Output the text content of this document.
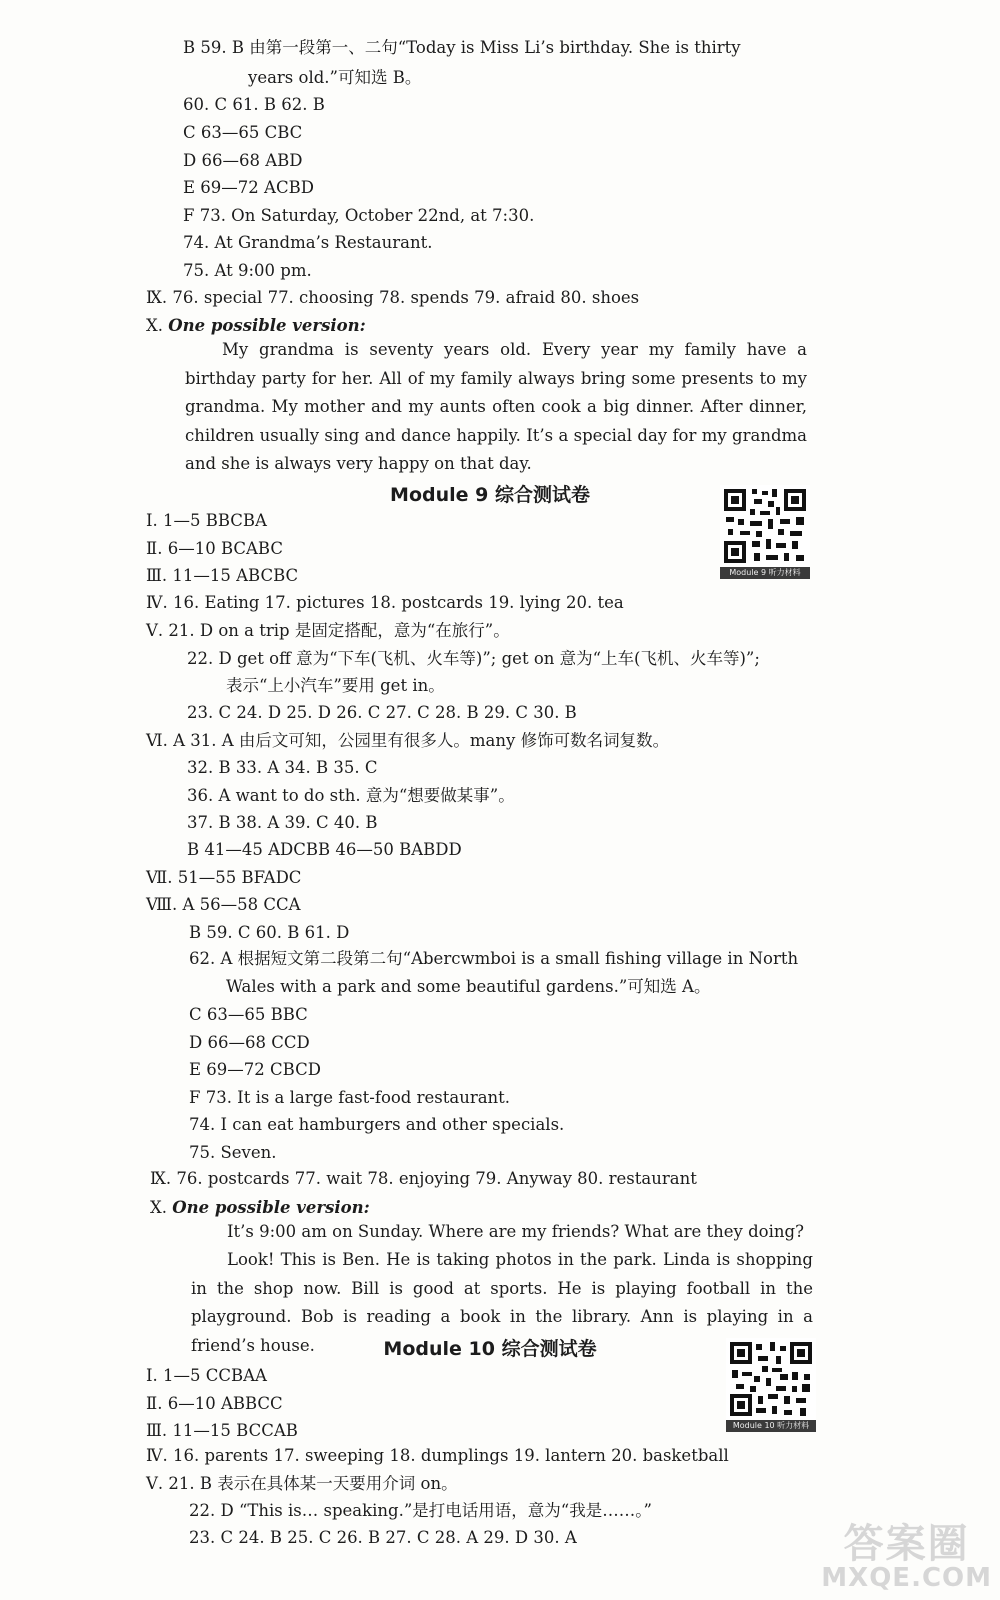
B 59. B 由第一段第一、二句“Today is Miss Li’s birthday. She is thirty
years old.”可知选 B。
60. C 61. B 62. B
C 63—65 CBC
D 66—68 ABD
E 69—72 ACBD
F 73. On Saturday, October 22nd, at 7:30.
74. At Grandma’s Restaurant.
75. At 9:00 pm.
Ⅸ. 76. special 77. choosing 78. spends 79. afraid 80. shoes
Ⅹ. One possible version:
My grandma is seventy years old. Every year my family have a birthday party for her. All of my family always bring some presents to my grandma. My mother and my aunts often cook a big dinner. After dinner, children usually sing and dance happily. It’s a special day for my grandma and she is always very happy on that day.
Module 9 综合测试卷
Module 9 听力材料
Ⅰ. 1—5 BBCBA
Ⅱ. 6—10 BCABC
Ⅲ. 11—15 ABCBC
Ⅳ. 16. Eating 17. pictures 18. postcards 19. lying 20. tea
Ⅴ. 21. D on a trip 是固定搭配，意为“在旅行”。
22. D get off 意为“下车(飞机、火车等)”; get on 意为“上车(飞机、火车等)”;
表示“上小汽车”要用 get in。
23. C 24. D 25. D 26. C 27. C 28. B 29. C 30. B
Ⅵ. A 31. A 由后文可知，公园里有很多人。many 修饰可数名词复数。
32. B 33. A 34. B 35. C
36. A want to do sth. 意为“想要做某事”。
37. B 38. A 39. C 40. B
B 41—45 ADCBB 46—50 BABDD
Ⅶ. 51—55 BFADC
Ⅷ. A 56—58 CCA
B 59. C 60. B 61. D
62. A 根据短文第二段第二句“Abercwmboi is a small fishing village in North
Wales with a park and some beautiful gardens.”可知选 A。
C 63—65 BBC
D 66—68 CCD
E 69—72 CBCD
F 73. It is a large fast-food restaurant.
74. I can eat hamburgers and other specials.
75. Seven.
Ⅸ. 76. postcards 77. wait 78. enjoying 79. Anyway 80. restaurant
Ⅹ. One possible version:
It’s 9:00 am on Sunday. Where are my friends? What are they doing?
Look! This is Ben. He is taking photos in the park. Linda is shopping in the shop now. Bill is good at sports. He is playing football in the playground. Bob is reading a book in the library. Ann is playing in a friend’s house.	Module 10 综合测试卷
Module 10 听力材料
Ⅰ. 1—5 CCBAA
Ⅱ. 6—10 ABBCC
Ⅲ. 11—15 BCCAB
Ⅳ. 16. parents 17. sweeping 18. dumplings 19. lantern 20. basketball
Ⅴ. 21. B 表示在具体某一天要用介词 on。
22. D “This is… speaking.”是打电话用语，意为“我是……。”
23. C 24. B 25. C 26. B 27. C 28. A 29. D 30. A	答案圈
MXQE.COM
